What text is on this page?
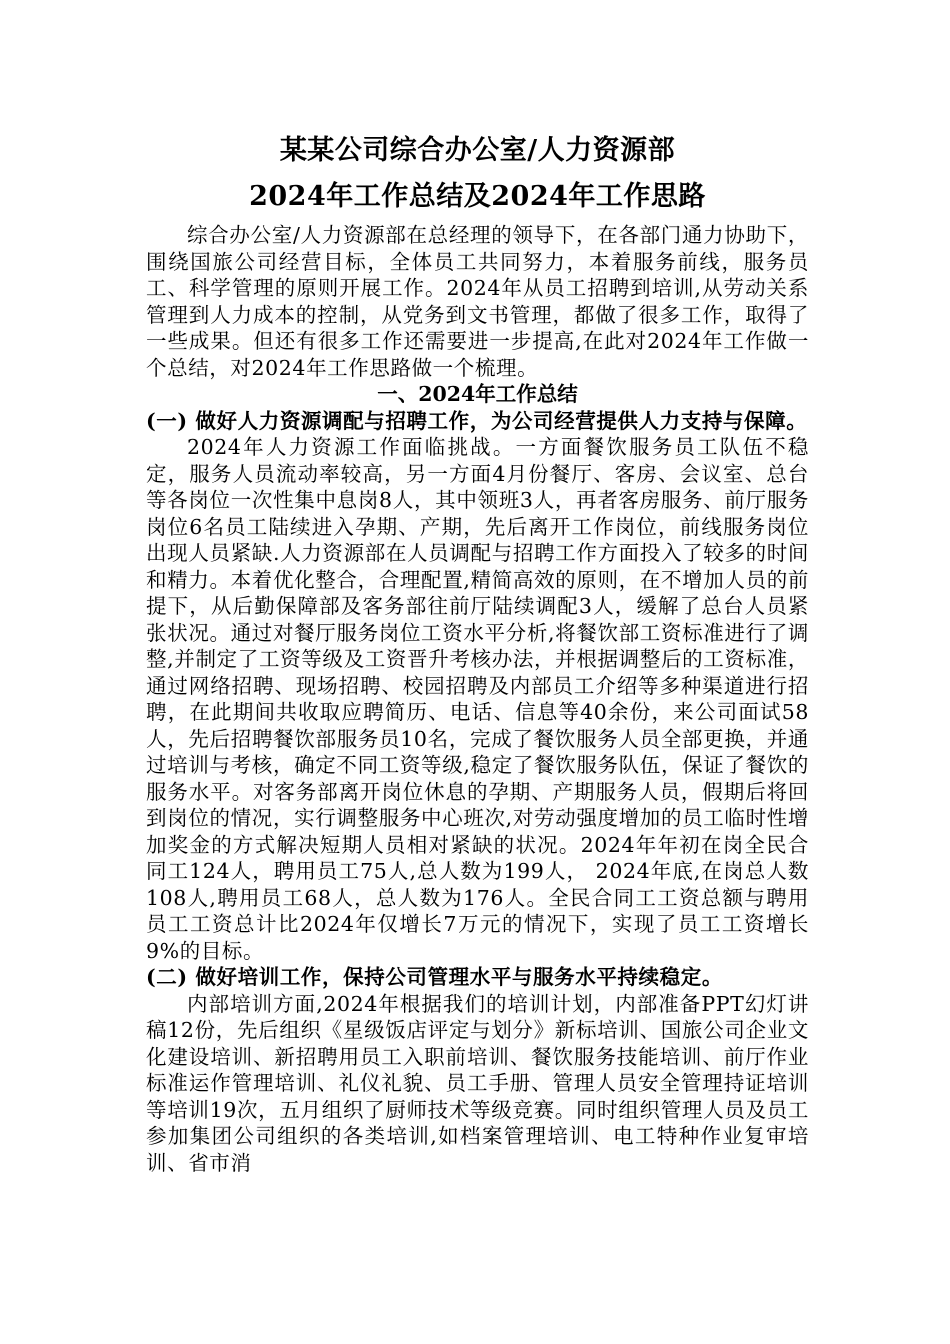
某某公司综合办公室/人力资源部
2024年工作总结及2024年工作思路

综合办公室/人力资源部在总经理的领导下，在各部门通力协助下，围绕国旅公司经营目标，全体员工共同努力，本着服务前线，服务员工、科学管理的原则开展工作。2024年从员工招聘到培训,从劳动关系管理到人力成本的控制，从党务到文书管理，都做了很多工作，取得了一些成果。但还有很多工作还需要进一步提高,在此对2024年工作做一个总结，对2024年工作思路做一个梳理。

一、2024年工作总结

(一) 做好人力资源调配与招聘工作，为公司经营提供人力支持与保障。

2024年人力资源工作面临挑战。一方面餐饮服务员工队伍不稳定，服务人员流动率较高，另一方面4月份餐厅、客房、会议室、总台等各岗位一次性集中息岗8人，其中领班3人，再者客房服务、前厅服务岗位6名员工陆续进入孕期、产期，先后离开工作岗位，前线服务岗位出现人员紧缺.人力资源部在人员调配与招聘工作方面投入了较多的时间和精力。本着优化整合，合理配置,精简高效的原则，在不增加人员的前提下，从后勤保障部及客务部往前厅陆续调配3人，缓解了总台人员紧张状况。通过对餐厅服务岗位工资水平分析,将餐饮部工资标准进行了调整,并制定了工资等级及工资晋升考核办法，并根据调整后的工资标准，通过网络招聘、现场招聘、校园招聘及内部员工介绍等多种渠道进行招聘，在此期间共收取应聘简历、电话、信息等40余份，来公司面试58人，先后招聘餐饮部服务员10名，完成了餐饮服务人员全部更换，并通过培训与考核，确定不同工资等级,稳定了餐饮服务队伍，保证了餐饮的服务水平。对客务部离开岗位休息的孕期、产期服务人员，假期后将回到岗位的情况，实行调整服务中心班次,对劳动强度增加的员工临时性增加奖金的方式解决短期人员相对紧缺的状况。2024年年初在岗全民合同工124人，聘用员工75人,总人数为199人， 2024年底,在岗总人数108人,聘用员工68人，总人数为176人。全民合同工工资总额与聘用员工工资总计比2024年仅增长7万元的情况下，实现了员工工资增长9%的目标。

(二) 做好培训工作，保持公司管理水平与服务水平持续稳定。

内部培训方面,2024年根据我们的培训计划，内部准备PPT幻灯讲稿12份，先后组织《星级饭店评定与划分》新标培训、国旅公司企业文化建设培训、新招聘用员工入职前培训、餐饮服务技能培训、前厅作业标准运作管理培训、礼仪礼貌、员工手册、管理人员安全管理持证培训等培训19次，五月组织了厨师技术等级竞赛。同时组织管理人员及员工参加集团公司组织的各类培训,如档案管理培训、电工特种作业复审培训、省市消
